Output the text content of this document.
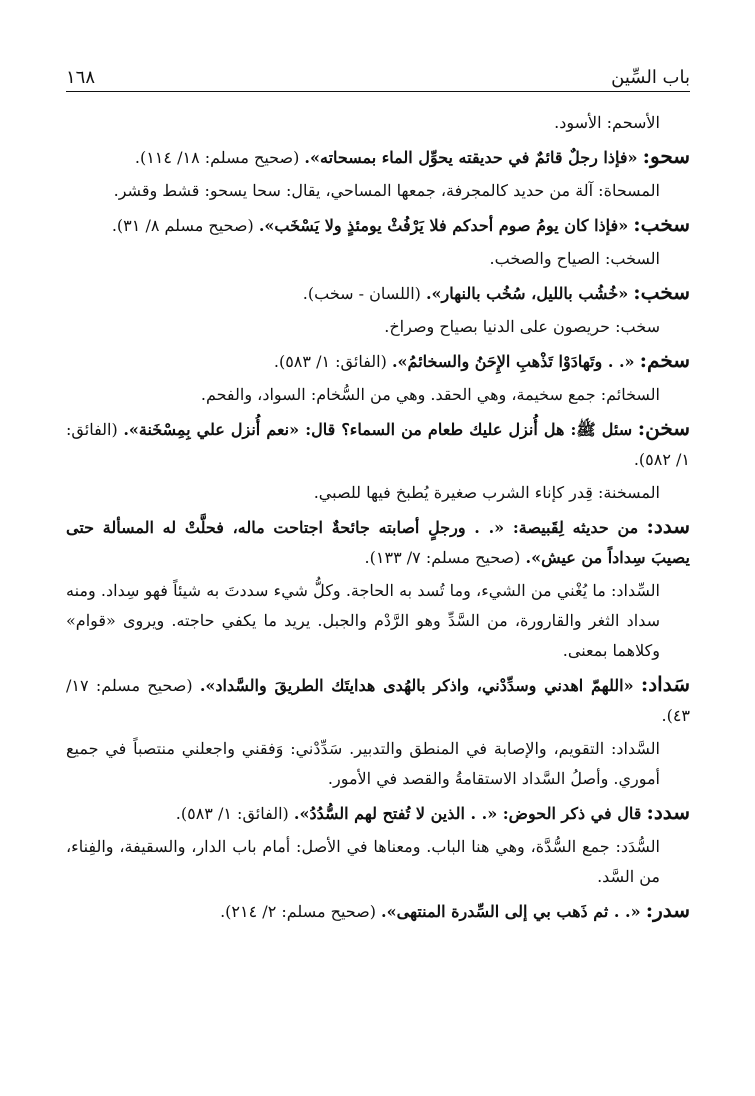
١٦٨	باب السِّين

الأسحم: الأسود.

سحو: «فإذا رجلٌ قائمٌ في حديقته يحوِّل الماء بمسحاته». (صحيح مسلم: ١٨/ ١١٤).

المسحاة: آلة من حديد كالمجرفة، جمعها المساحي، يقال: سحا يسحو: قشط وقشر.

سخب: «فإذا كان يومُ صوم أحدكم فلا يَرْفُثْ يومئذٍ ولا يَسْخَب». (صحيح مسلم ٨/ ٣١).

السخب: الصياح والصخب.

سخب: «خُشُب بالليل، سُخُب بالنهار». (اللسان - سخب).

سخب: حريصون على الدنيا بصياح وصراخ.

سخم: «. . وتَهادَوْا تَذْهبِ الإِحَنُ والسخائمُ». (الفائق: ١/ ٥٨٣).

السخائم: جمع سخيمة، وهي الحقد. وهي من السُّخام: السواد، والفحم.

سخن: سئل ﷺ: هل أُنزل عليك طعام من السماء؟ قال: «نعم أُنزل علي بِمِسْخَنة». (الفائق: ١/ ٥٨٢).

المسخنة: قِدر كإناء الشرب صغيرة يُطبخ فيها للصبي.

سدد: من حديثه لِقَبيصة: «. . ورجلٍ أصابته جائحةٌ اجتاحت ماله، فحلَّتْ له المسألة حتى يصيبَ سِداداً من عيش». (صحيح مسلم: ٧/ ١٣٣).

السِّداد: ما يُغْني من الشيء، وما تُسد به الحاجة. وكلُّ شيء سددتَ به شيئاً فهو سِداد. ومنه سداد الثغر والقارورة، من السَّدِّ وهو الرَّدْم والجبل. يريد ما يكفي حاجته. ويروى «قوام» وكلاهما بمعنى.

سَداد: «اللهمّ اهدني وسدِّدْني، واذكر بالهُدى هدايتَك الطريقَ والسَّداد». (صحيح مسلم: ١٧/ ٤٣).

السَّداد: التقويم، والإصابة في المنطق والتدبير. سَدِّدْني: وَفقني واجعلني منتصباً في جميع أموري. وأصلُ السَّداد الاستقامةُ والقصد في الأمور.

سدد: قال في ذكر الحوض: «. . الذين لا تُفتح لهم السُّدُدُ». (الفائق: ١/ ٥٨٣).

السُّدَد: جمع السُّدَّة، وهي هنا الباب. ومعناها في الأصل: أمام باب الدار، والسقيفة، والفِناء، من السَّد.

سدر: «. . ثم ذَهب بي إلى السِّدرة المنتهى». (صحيح مسلم: ٢/ ٢١٤).
